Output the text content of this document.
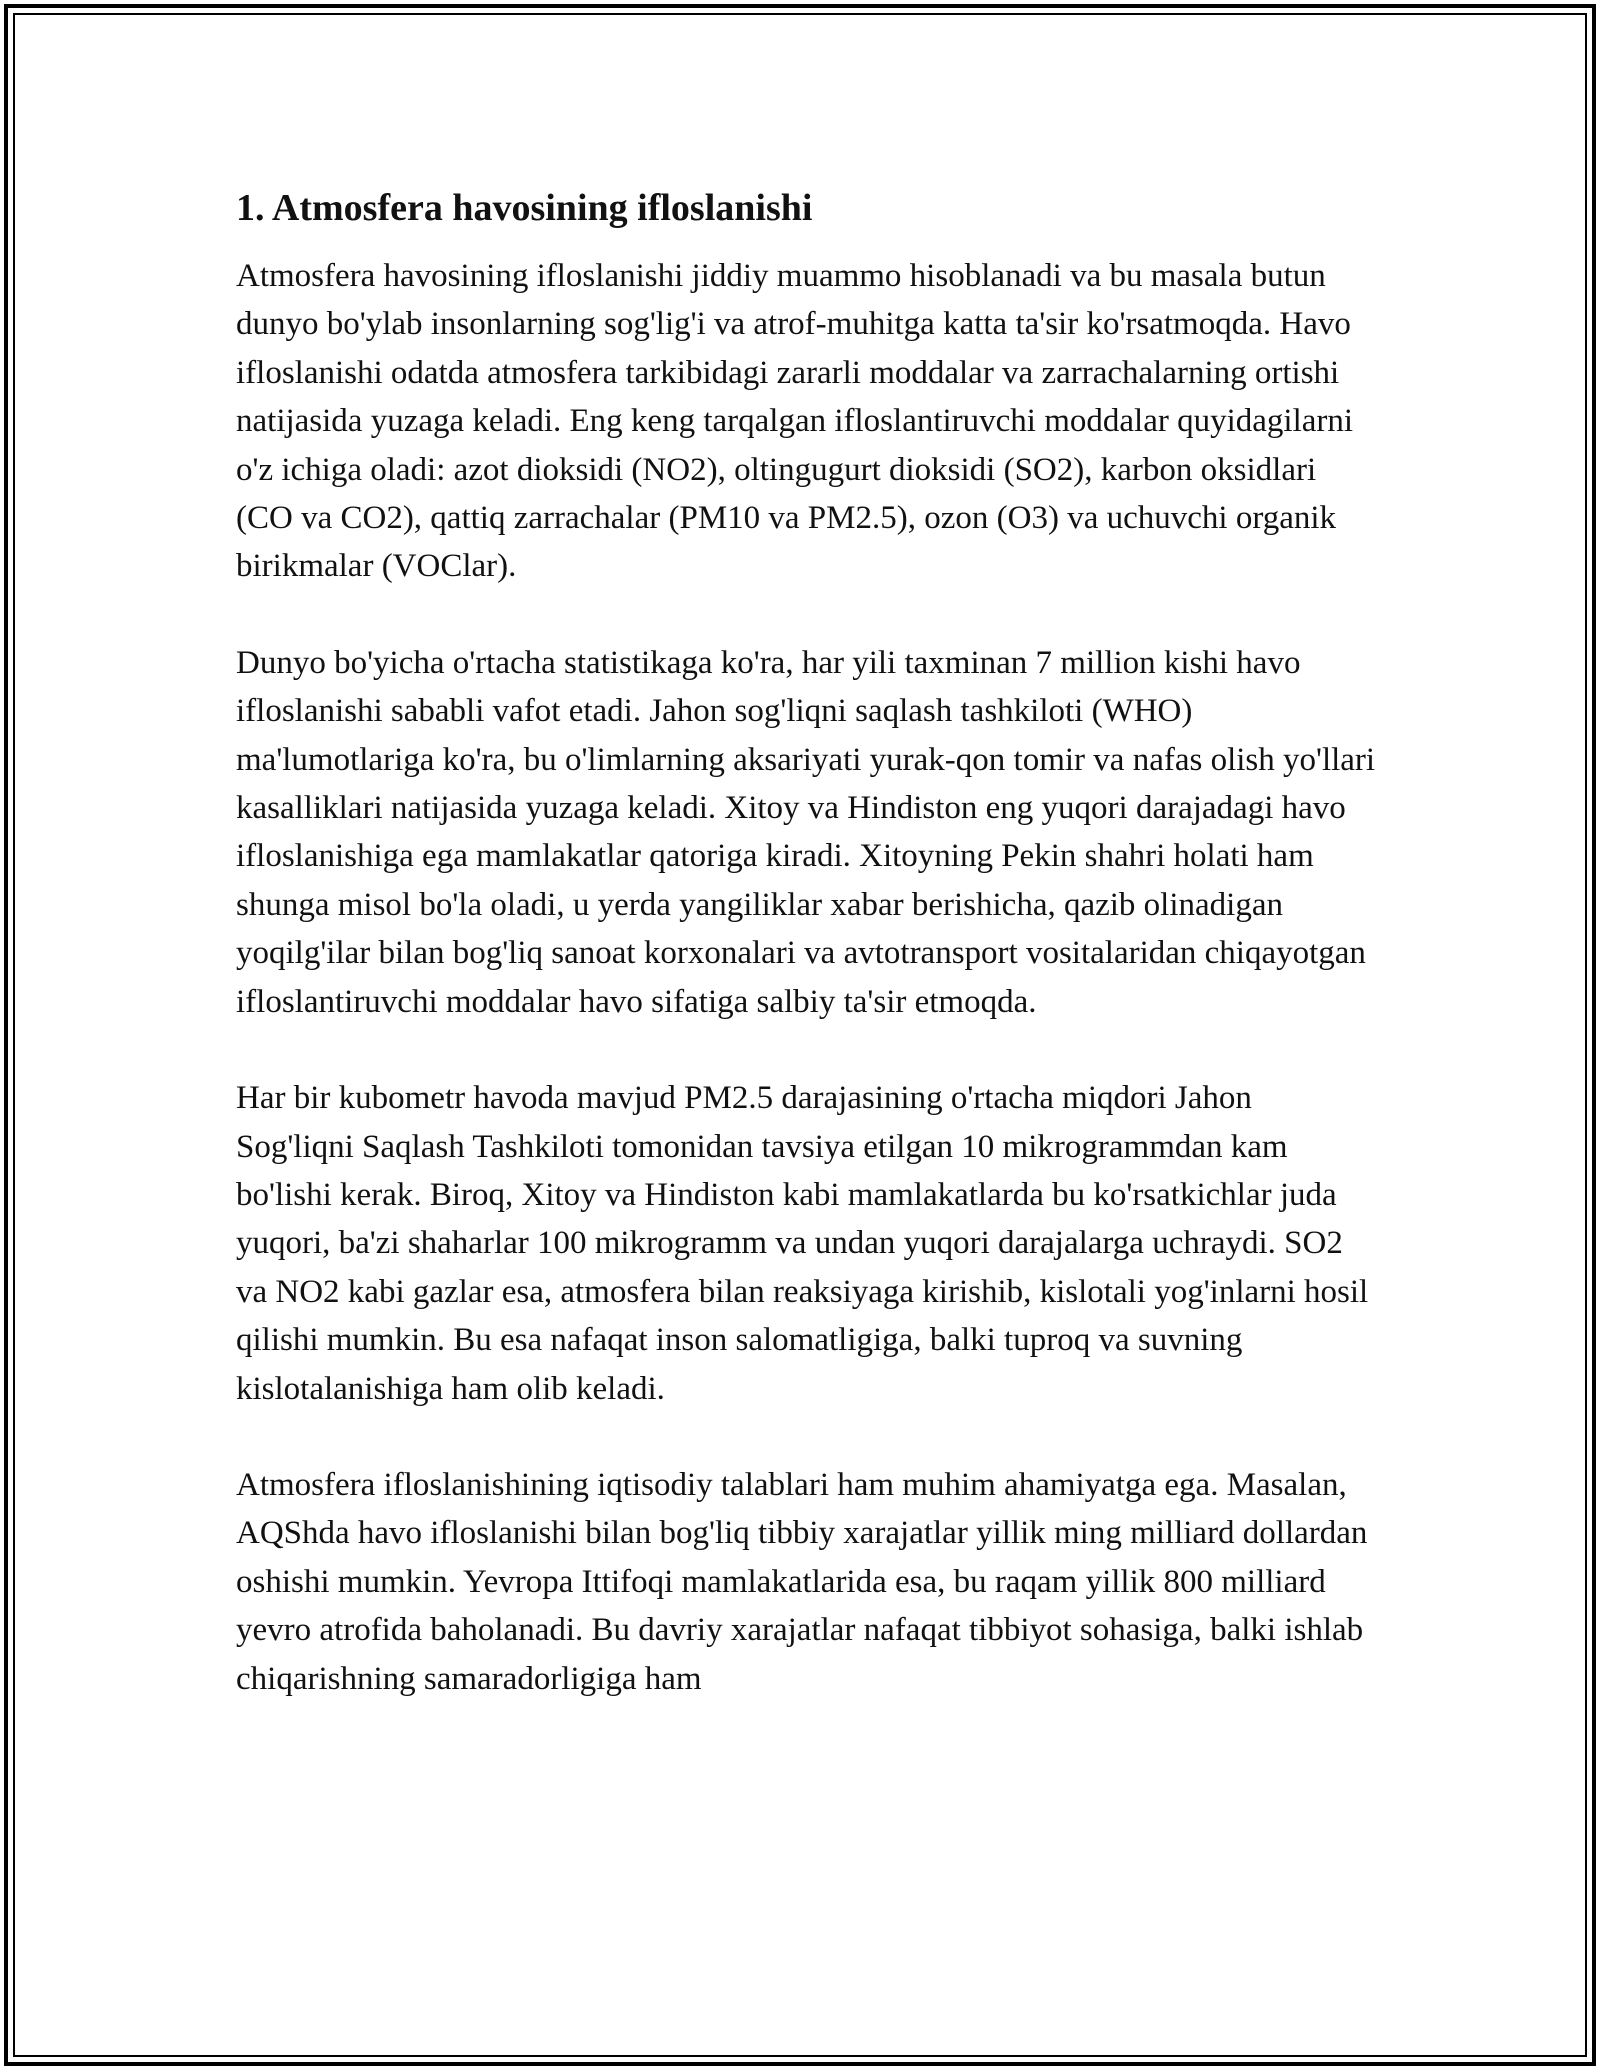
1. Atmosfera havosining ifloslanishi

Atmosfera havosining ifloslanishi jiddiy muammo hisoblanadi va bu masala butun dunyo bo'ylab insonlarning sog'lig'i va atrof-muhitga katta ta'sir ko'rsatmoqda. Havo ifloslanishi odatda atmosfera tarkibidagi zararli moddalar va zarrachalarning ortishi natijasida yuzaga keladi. Eng keng tarqalgan ifloslantiruvchi moddalar quyidagilarni o'z ichiga oladi: azot dioksidi (NO2), oltingugurt dioksidi (SO2), karbon oksidlari (CO va CO2), qattiq zarrachalar (PM10 va PM2.5), ozon (O3) va uchuvchi organik birikmalar (VOClar).

Dunyo bo'yicha o'rtacha statistikaga ko'ra, har yili taxminan 7 million kishi havo ifloslanishi sababli vafot etadi. Jahon sog'liqni saqlash tashkiloti (WHO) ma'lumotlariga ko'ra, bu o'limlarning aksariyati yurak-qon tomir va nafas olish yo'llari kasalliklari natijasida yuzaga keladi. Xitoy va Hindiston eng yuqori darajadagi havo ifloslanishiga ega mamlakatlar qatoriga kiradi. Xitoyning Pekin shahri holati ham shunga misol bo'la oladi, u yerda yangiliklar xabar berishicha, qazib olinadigan yoqilg'ilar bilan bog'liq sanoat korxonalari va avtotransport vositalaridan chiqayotgan ifloslantiruvchi moddalar havo sifatiga salbiy ta'sir etmoqda.

Har bir kubometr havoda mavjud PM2.5 darajasining o'rtacha miqdori Jahon Sog'liqni Saqlash Tashkiloti tomonidan tavsiya etilgan 10 mikrogrammdan kam bo'lishi kerak. Biroq, Xitoy va Hindiston kabi mamlakatlarda bu ko'rsatkichlar juda yuqori, ba'zi shaharlar 100 mikrogramm va undan yuqori darajalarga uchraydi. SO2 va NO2 kabi gazlar esa, atmosfera bilan reaksiyaga kirishib, kislotali yog'inlarni hosil qilishi mumkin. Bu esa nafaqat inson salomatligiga, balki tuproq va suvning kislotalanishiga ham olib keladi.

Atmosfera ifloslanishining iqtisodiy talablari ham muhim ahamiyatga ega. Masalan, AQShda havo ifloslanishi bilan bog'liq tibbiy xarajatlar yillik ming milliard dollardan oshishi mumkin. Yevropa Ittifoqi mamlakatlarida esa, bu raqam yillik 800 milliard yevro atrofida baholanadi. Bu davriy xarajatlar nafaqat tibbiyot sohasiga, balki ishlab chiqarishning samaradorligiga ham
